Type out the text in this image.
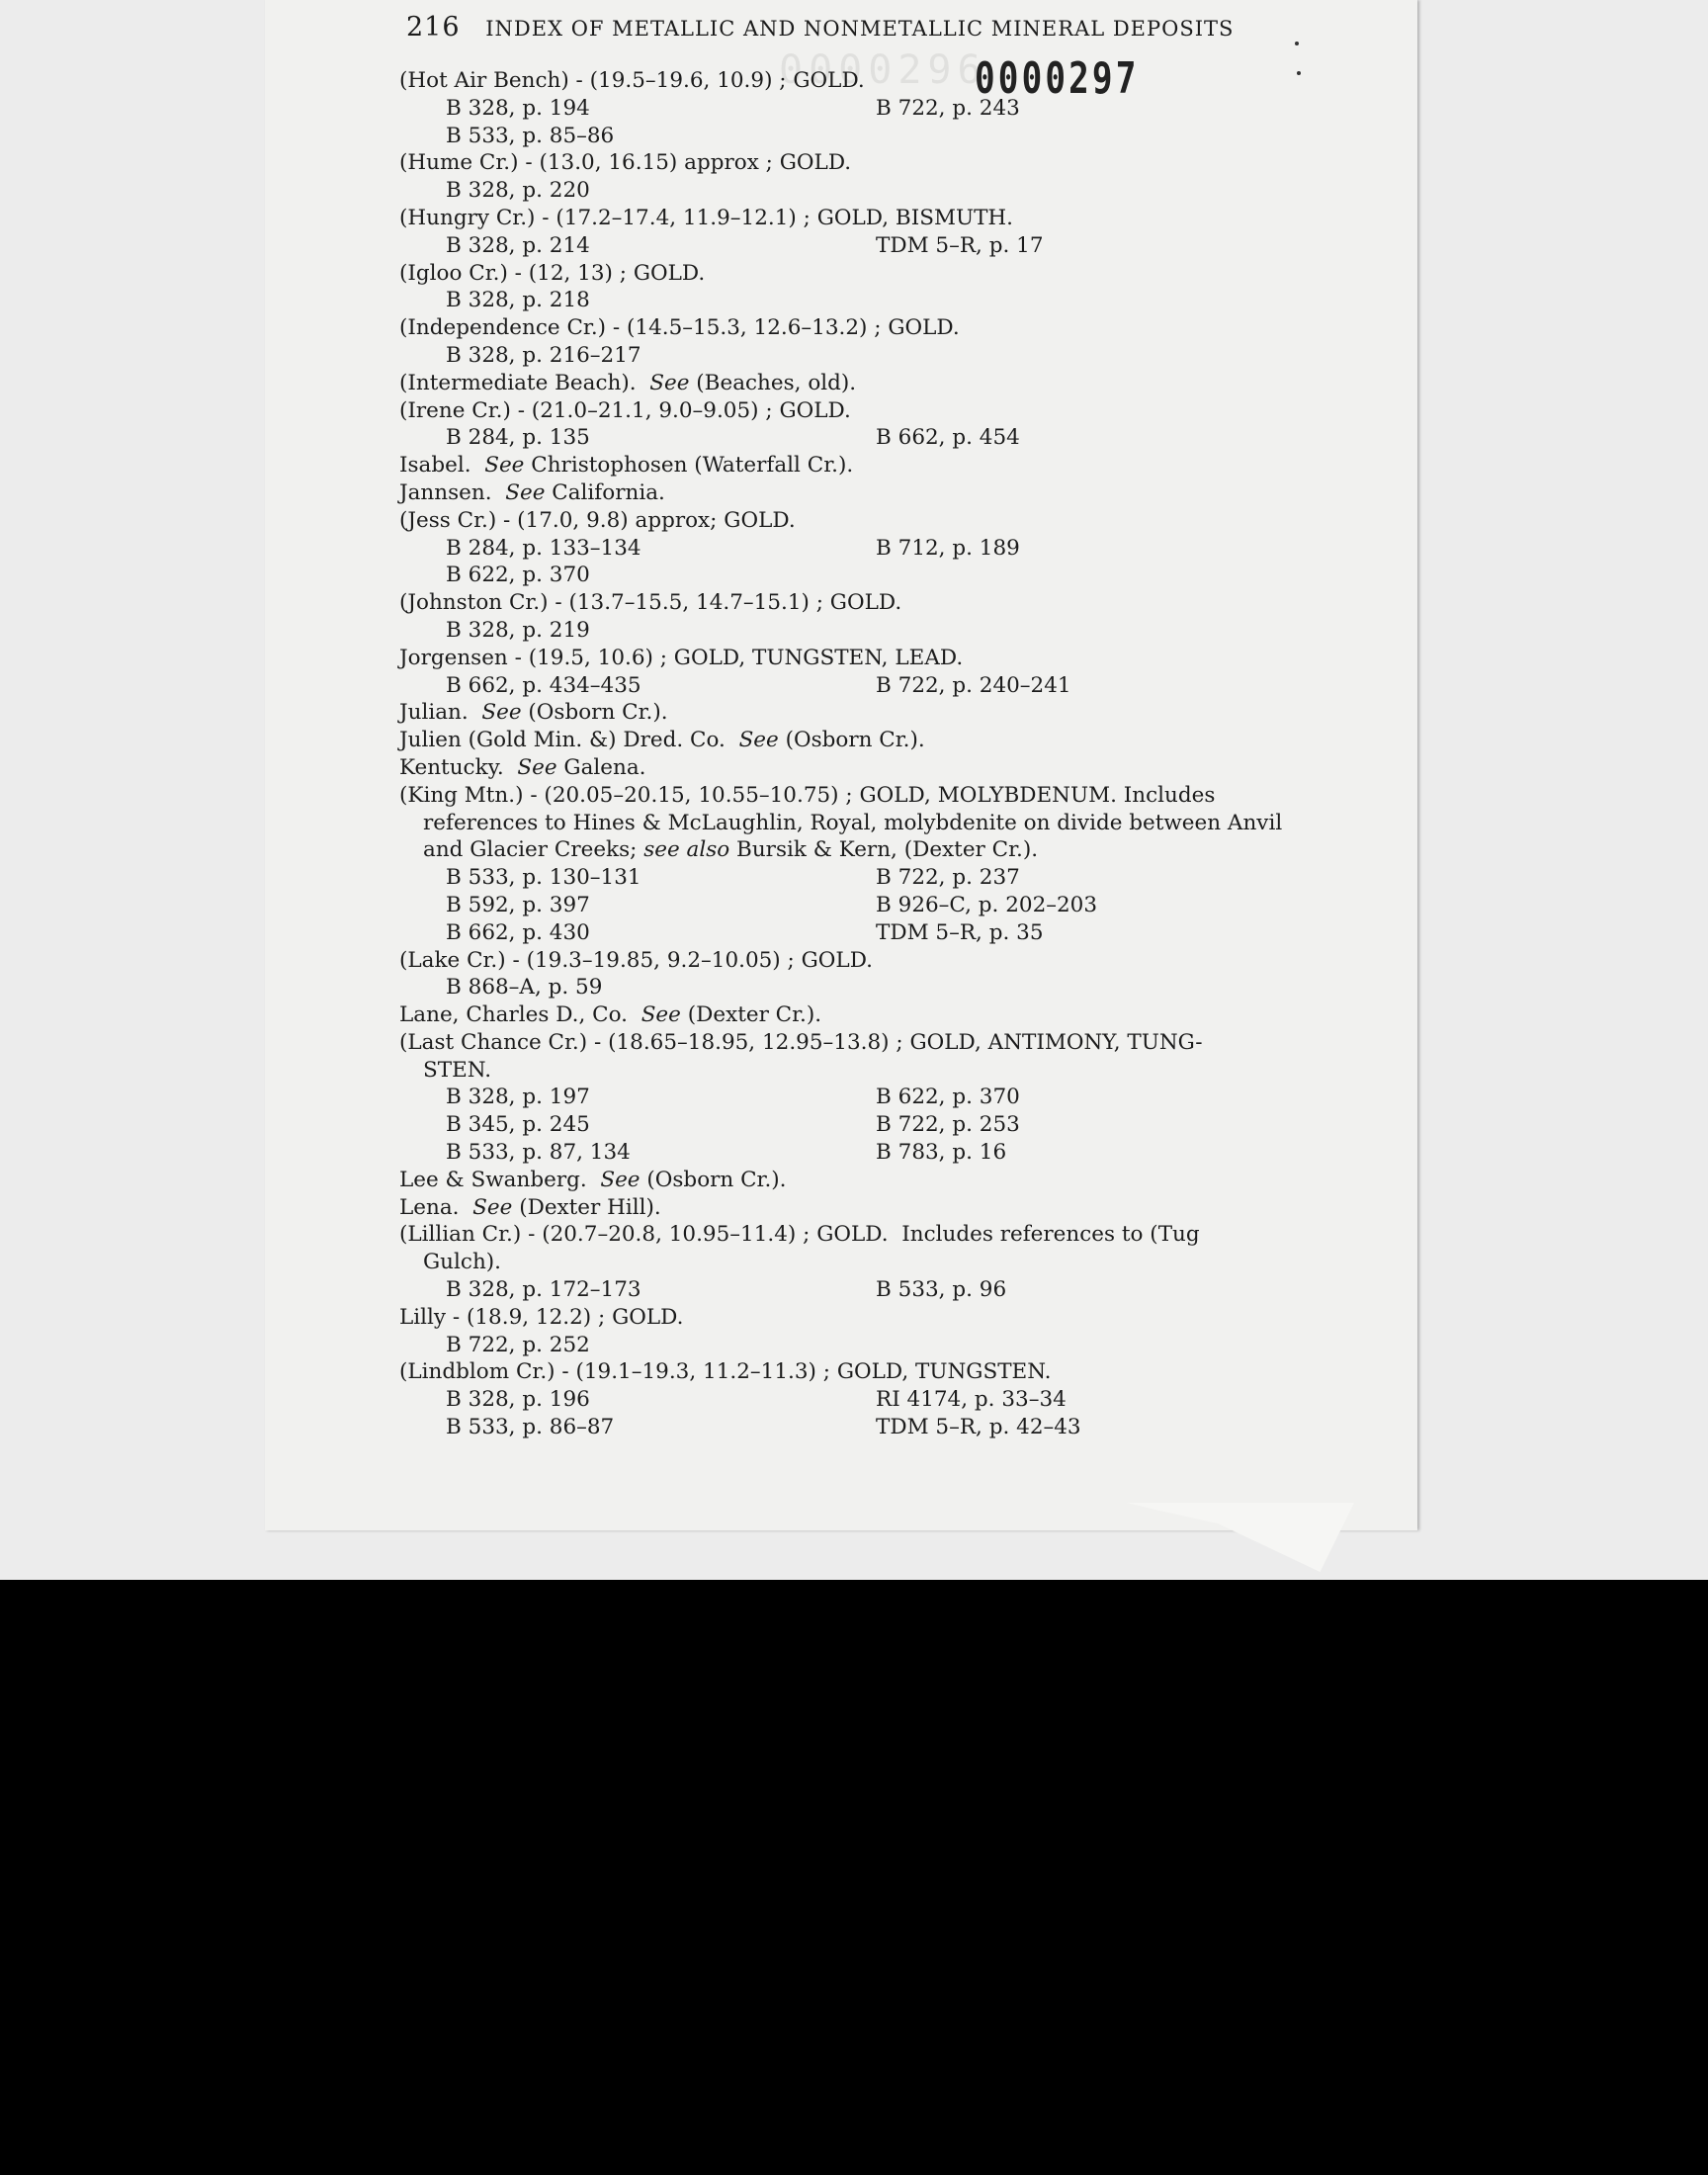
0000296
216 INDEX OF METALLIC AND NONMETALLIC MINERAL DEPOSITS
0000297
(Hot Air Bench) - (19.5–19.6, 10.9) ; GOLD.
B 328, p. 194	B 722, p. 243
B 533, p. 85–86
(Hume Cr.) - (13.0, 16.15) approx ; GOLD.
B 328, p. 220
(Hungry Cr.) - (17.2–17.4, 11.9–12.1) ; GOLD, BISMUTH.
B 328, p. 214	TDM 5–R, p. 17
(Igloo Cr.) - (12, 13) ; GOLD.
B 328, p. 218
(Independence Cr.) - (14.5–15.3, 12.6–13.2) ; GOLD.
B 328, p. 216–217
(Intermediate Beach).  See (Beaches, old).
(Irene Cr.) - (21.0–21.1, 9.0–9.05) ; GOLD.
B 284, p. 135	B 662, p. 454
Isabel.  See Christophosen (Waterfall Cr.).
Jannsen.  See California.
(Jess Cr.) - (17.0, 9.8) approx; GOLD.
B 284, p. 133–134	B 712, p. 189
B 622, p. 370
(Johnston Cr.) - (13.7–15.5, 14.7–15.1) ; GOLD.
B 328, p. 219
Jorgensen - (19.5, 10.6) ; GOLD, TUNGSTEN, LEAD.
B 662, p. 434–435	B 722, p. 240–241
Julian.  See (Osborn Cr.).
Julien (Gold Min. &) Dred. Co.  See (Osborn Cr.).
Kentucky.  See Galena.
(King Mtn.) - (20.05–20.15, 10.55–10.75) ; GOLD, MOLYBDENUM. Includes
references to Hines & McLaughlin, Royal, molybdenite on divide between Anvil
and Glacier Creeks; see also Bursik & Kern, (Dexter Cr.).
B 533, p. 130–131	B 722, p. 237
B 592, p. 397	B 926–C, p. 202–203
B 662, p. 430	TDM 5–R, p. 35
(Lake Cr.) - (19.3–19.85, 9.2–10.05) ; GOLD.
B 868–A, p. 59
Lane, Charles D., Co.  See (Dexter Cr.).
(Last Chance Cr.) - (18.65–18.95, 12.95–13.8) ; GOLD, ANTIMONY, TUNG-
STEN.
B 328, p. 197	B 622, p. 370
B 345, p. 245	B 722, p. 253
B 533, p. 87, 134	B 783, p. 16
Lee & Swanberg.  See (Osborn Cr.).
Lena.  See (Dexter Hill).
(Lillian Cr.) - (20.7–20.8, 10.95–11.4) ; GOLD.  Includes references to (Tug
Gulch).
B 328, p. 172–173	B 533, p. 96
Lilly - (18.9, 12.2) ; GOLD.
B 722, p. 252
(Lindblom Cr.) - (19.1–19.3, 11.2–11.3) ; GOLD, TUNGSTEN.
B 328, p. 196	RI 4174, p. 33–34
B 533, p. 86–87	TDM 5–R, p. 42–43
